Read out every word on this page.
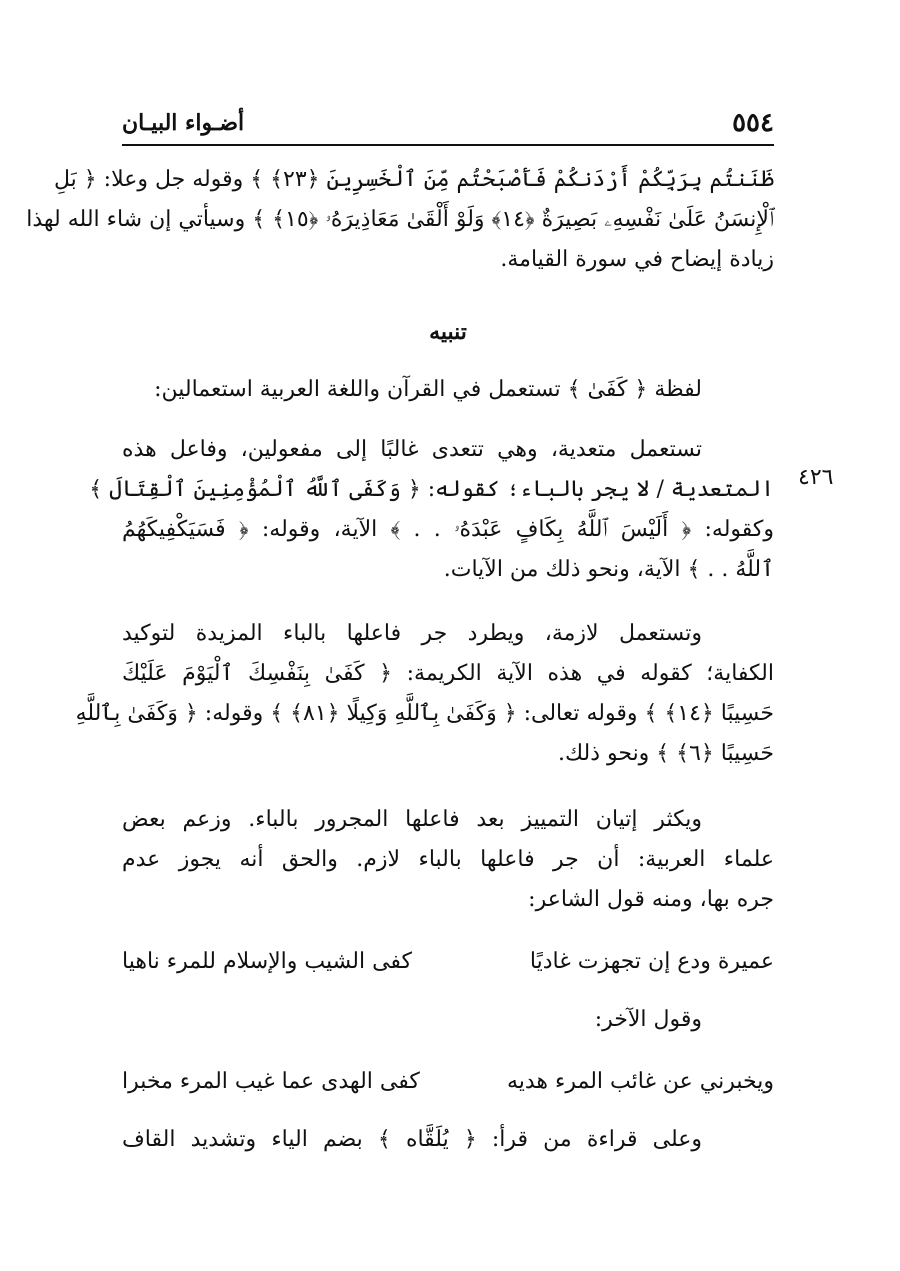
٥٥٤
أضـواء البيـان
ظَنَنتُم بِرَبِّكُمْ أَرْدَنكُمْ فَأَصْبَحْتُم مِّنَ ٱلْخَسِرِينَ ﴿٢٣﴾ ﴾ وقوله جل وعلا: ﴿ بَلِ
ٱلْإِنسَنُ عَلَىٰ نَفْسِهِۦ بَصِيرَةٌ ﴿١٤﴾ وَلَوْ أَلْقَىٰ مَعَاذِيرَهُۥ ﴿١٥﴾ ﴾ وسيأتي إن شاء الله لهذا
زيادة إيضاح في سورة القيامة.
تنبيه
لفظة ﴿ كَفَىٰ ﴾ تستعمل في القرآن واللغة العربية استعمالين:
٤٢٦
تستعمل متعدية، وهي تتعدى غالبًا إلى مفعولين، وفاعل هذه
المتعدية / لا يجر بالباء؛ كقوله: ﴿ وَكَفَى ٱللَّهُ ٱلْمُؤْمِنِينَ ٱلْقِتَالَ ﴾
وكقوله: ﴿ أَلَيْسَ ٱللَّهُ بِكَافٍ عَبْدَهُۥ . . ﴾ الآية، وقوله: ﴿ فَسَيَكْفِيكَهُمُ
ٱللَّهُ . . ﴾ الآية، ونحو ذلك من الآيات.
وتستعمل لازمة، ويطرد جر فاعلها بالباء المزيدة لتوكيد
الكفاية؛ كقوله في هذه الآية الكريمة: ﴿ كَفَىٰ بِنَفْسِكَ ٱلْيَوْمَ عَلَيْكَ
حَسِيبًا ﴿١٤﴾ ﴾ وقوله تعالى: ﴿ وَكَفَىٰ بِٱللَّهِ وَكِيلًا ﴿٨١﴾ ﴾ وقوله: ﴿ وَكَفَىٰ بِٱللَّهِ
حَسِيبًا ﴿٦﴾ ﴾ ونحو ذلك.
ويكثر إتيان التمييز بعد فاعلها المجرور بالباء. وزعم بعض
علماء العربية: أن جر فاعلها بالباء لازم. والحق أنه يجوز عدم
جره بها، ومنه قول الشاعر:
عميرة ودع إن تجهزت غاديًا
كفى الشيب والإسلام للمرء ناهيا
وقول الآخر:
ويخبرني عن غائب المرء هديه
كفى الهدى عما غيب المرء مخبرا
وعلى قراءة من قرأ: ﴿ يُلَقَّاه ﴾ بضم الياء وتشديد القاف
